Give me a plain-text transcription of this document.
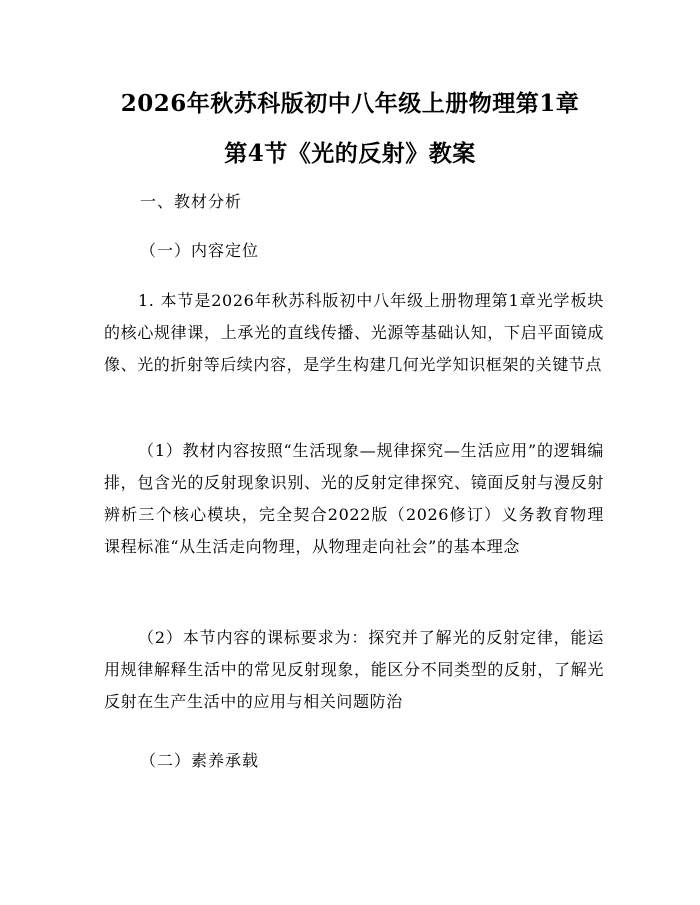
2026年秋苏科版初中八年级上册物理第1章
第4节《光的反射》教案
一、教材分析
（一）内容定位
1. 本节是2026年秋苏科版初中八年级上册物理第1章光学板块的核心规律课，上承光的直线传播、光源等基础认知，下启平面镜成像、光的折射等后续内容，是学生构建几何光学知识框架的关键节点
（1）教材内容按照“生活现象—规律探究—生活应用”的逻辑编排，包含光的反射现象识别、光的反射定律探究、镜面反射与漫反射辨析三个核心模块，完全契合2022版（2026修订）义务教育物理课程标准“从生活走向物理，从物理走向社会”的基本理念
（2）本节内容的课标要求为：探究并了解光的反射定律，能运用规律解释生活中的常见反射现象，能区分不同类型的反射，了解光反射在生产生活中的应用与相关问题防治
（二）素养承载
